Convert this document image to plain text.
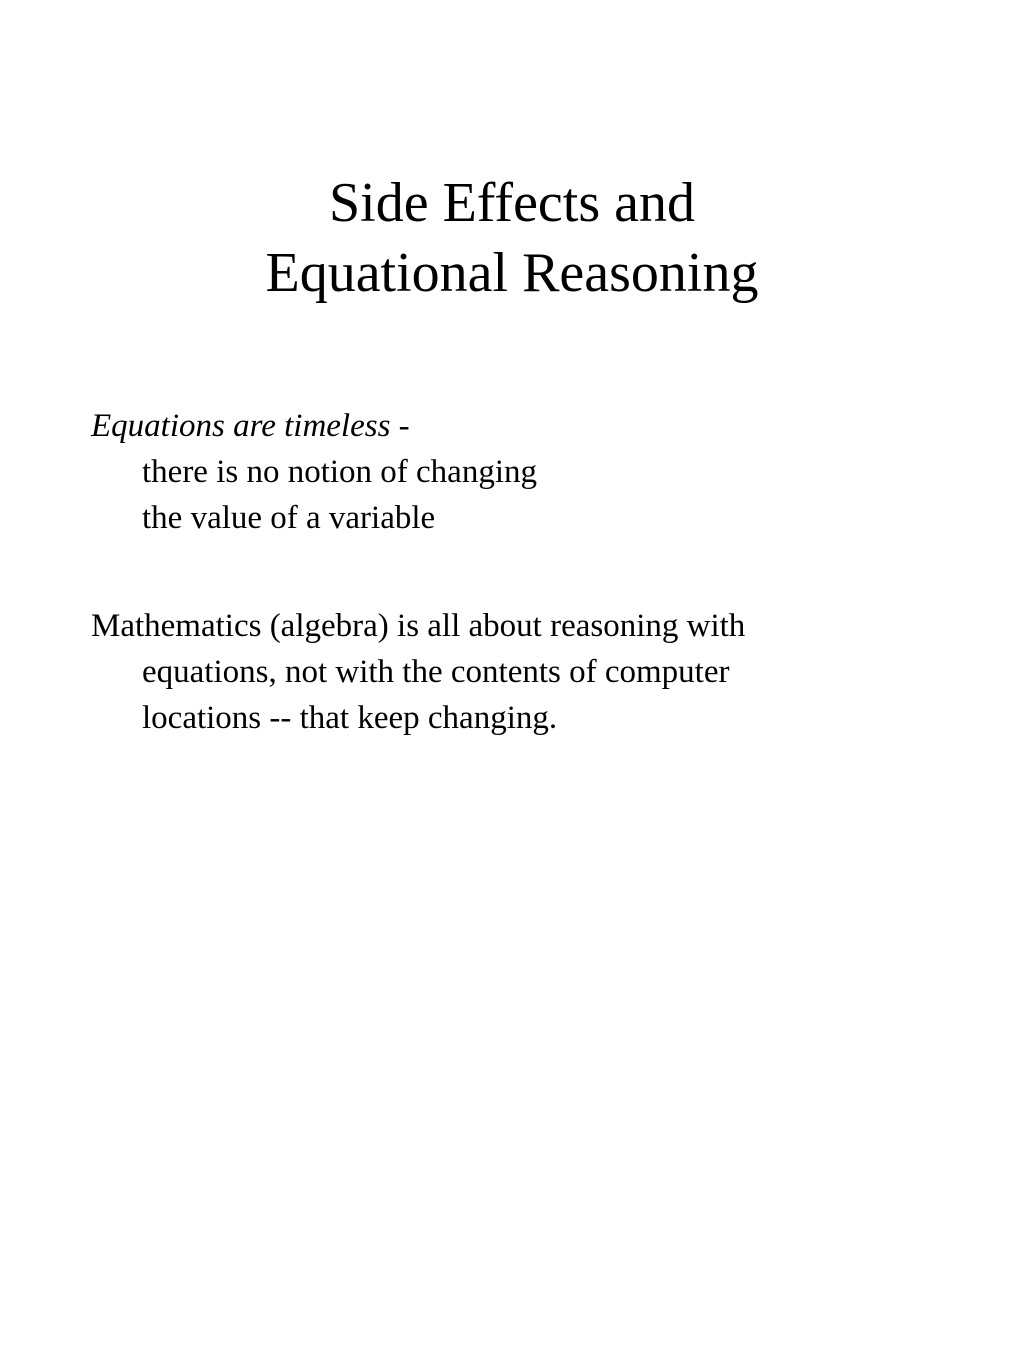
Side Effects and
Equational Reasoning
Equations are timeless -
there is no notion of changing
the value of a variable
Mathematics (algebra) is all about reasoning with
equations, not with the contents of computer
locations -- that keep changing.
